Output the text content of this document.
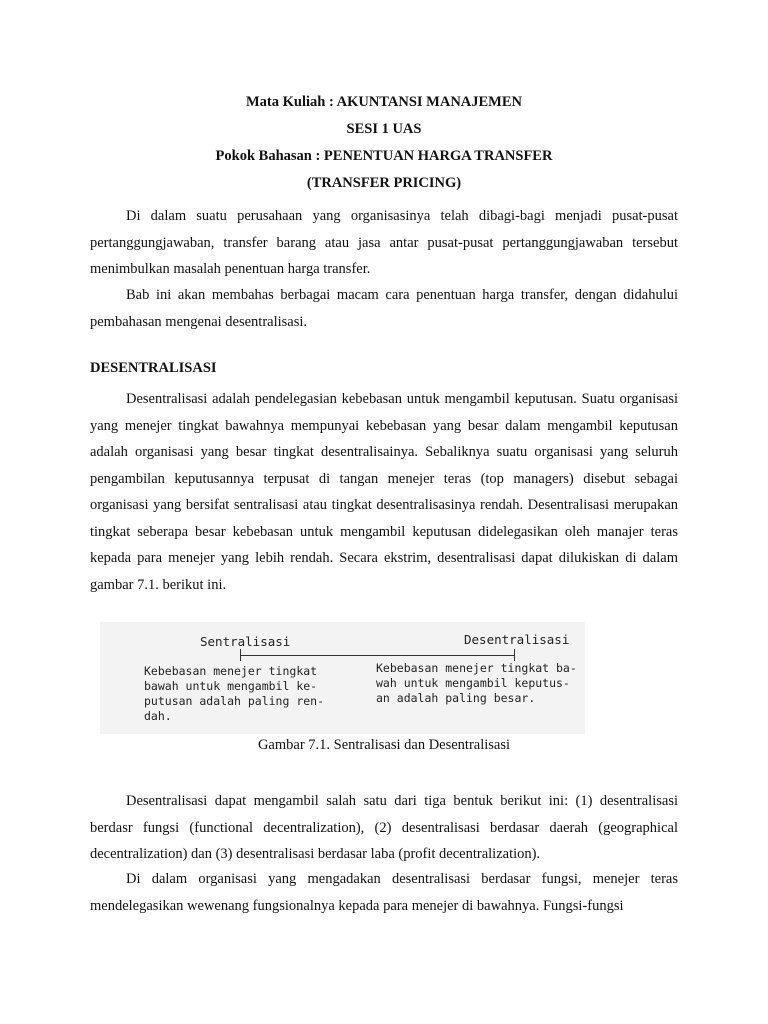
Mata Kuliah : AKUNTANSI MANAJEMEN
SESI 1 UAS
Pokok Bahasan : PENENTUAN HARGA TRANSFER
(TRANSFER PRICING)

Di dalam suatu perusahaan yang organisasinya telah dibagi-bagi menjadi pusat-pusat pertanggungjawaban, transfer barang atau jasa antar pusat-pusat pertanggungjawaban tersebut menimbulkan masalah penentuan harga transfer.

Bab ini akan membahas berbagai macam cara penentuan harga transfer, dengan didahului pembahasan mengenai desentralisasi.

DESENTRALISASI

Desentralisasi adalah pendelegasian kebebasan untuk mengambil keputusan. Suatu organisasi yang menejer tingkat bawahnya mempunyai kebebasan yang besar dalam mengambil keputusan adalah organisasi yang besar tingkat desentralisainya. Sebaliknya suatu organisasi yang seluruh pengambilan keputusannya terpusat di tangan menejer teras (top managers) disebut sebagai organisasi yang bersifat sentralisasi atau tingkat desentralisasinya rendah. Desentralisasi merupakan tingkat seberapa besar kebebasan untuk mengambil keputusan didelegasikan oleh manajer teras kepada para menejer yang lebih rendah. Secara ekstrim, desentralisasi dapat dilukiskan di dalam gambar 7.1. berikut ini.

Sentralisasi	Desentralisasi
Kebebasan menejer tingkat
bawah untuk mengambil ke-
putusan adalah paling ren-
dah.
Kebebasan menejer tingkat ba-
wah untuk mengambil keputus-
an adalah paling besar.
Gambar 7.1. Sentralisasi dan Desentralisasi

Desentralisasi dapat mengambil salah satu dari tiga bentuk berikut ini: (1) desentralisasi berdasr fungsi (functional decentralization), (2) desentralisasi berdasar daerah (geographical decentralization) dan (3) desentralisasi berdasar laba (profit decentralization).

Di dalam organisasi yang mengadakan desentralisasi berdasar fungsi, menejer teras mendelegasikan wewenang fungsionalnya kepada para menejer di bawahnya. Fungsi-fungsi
